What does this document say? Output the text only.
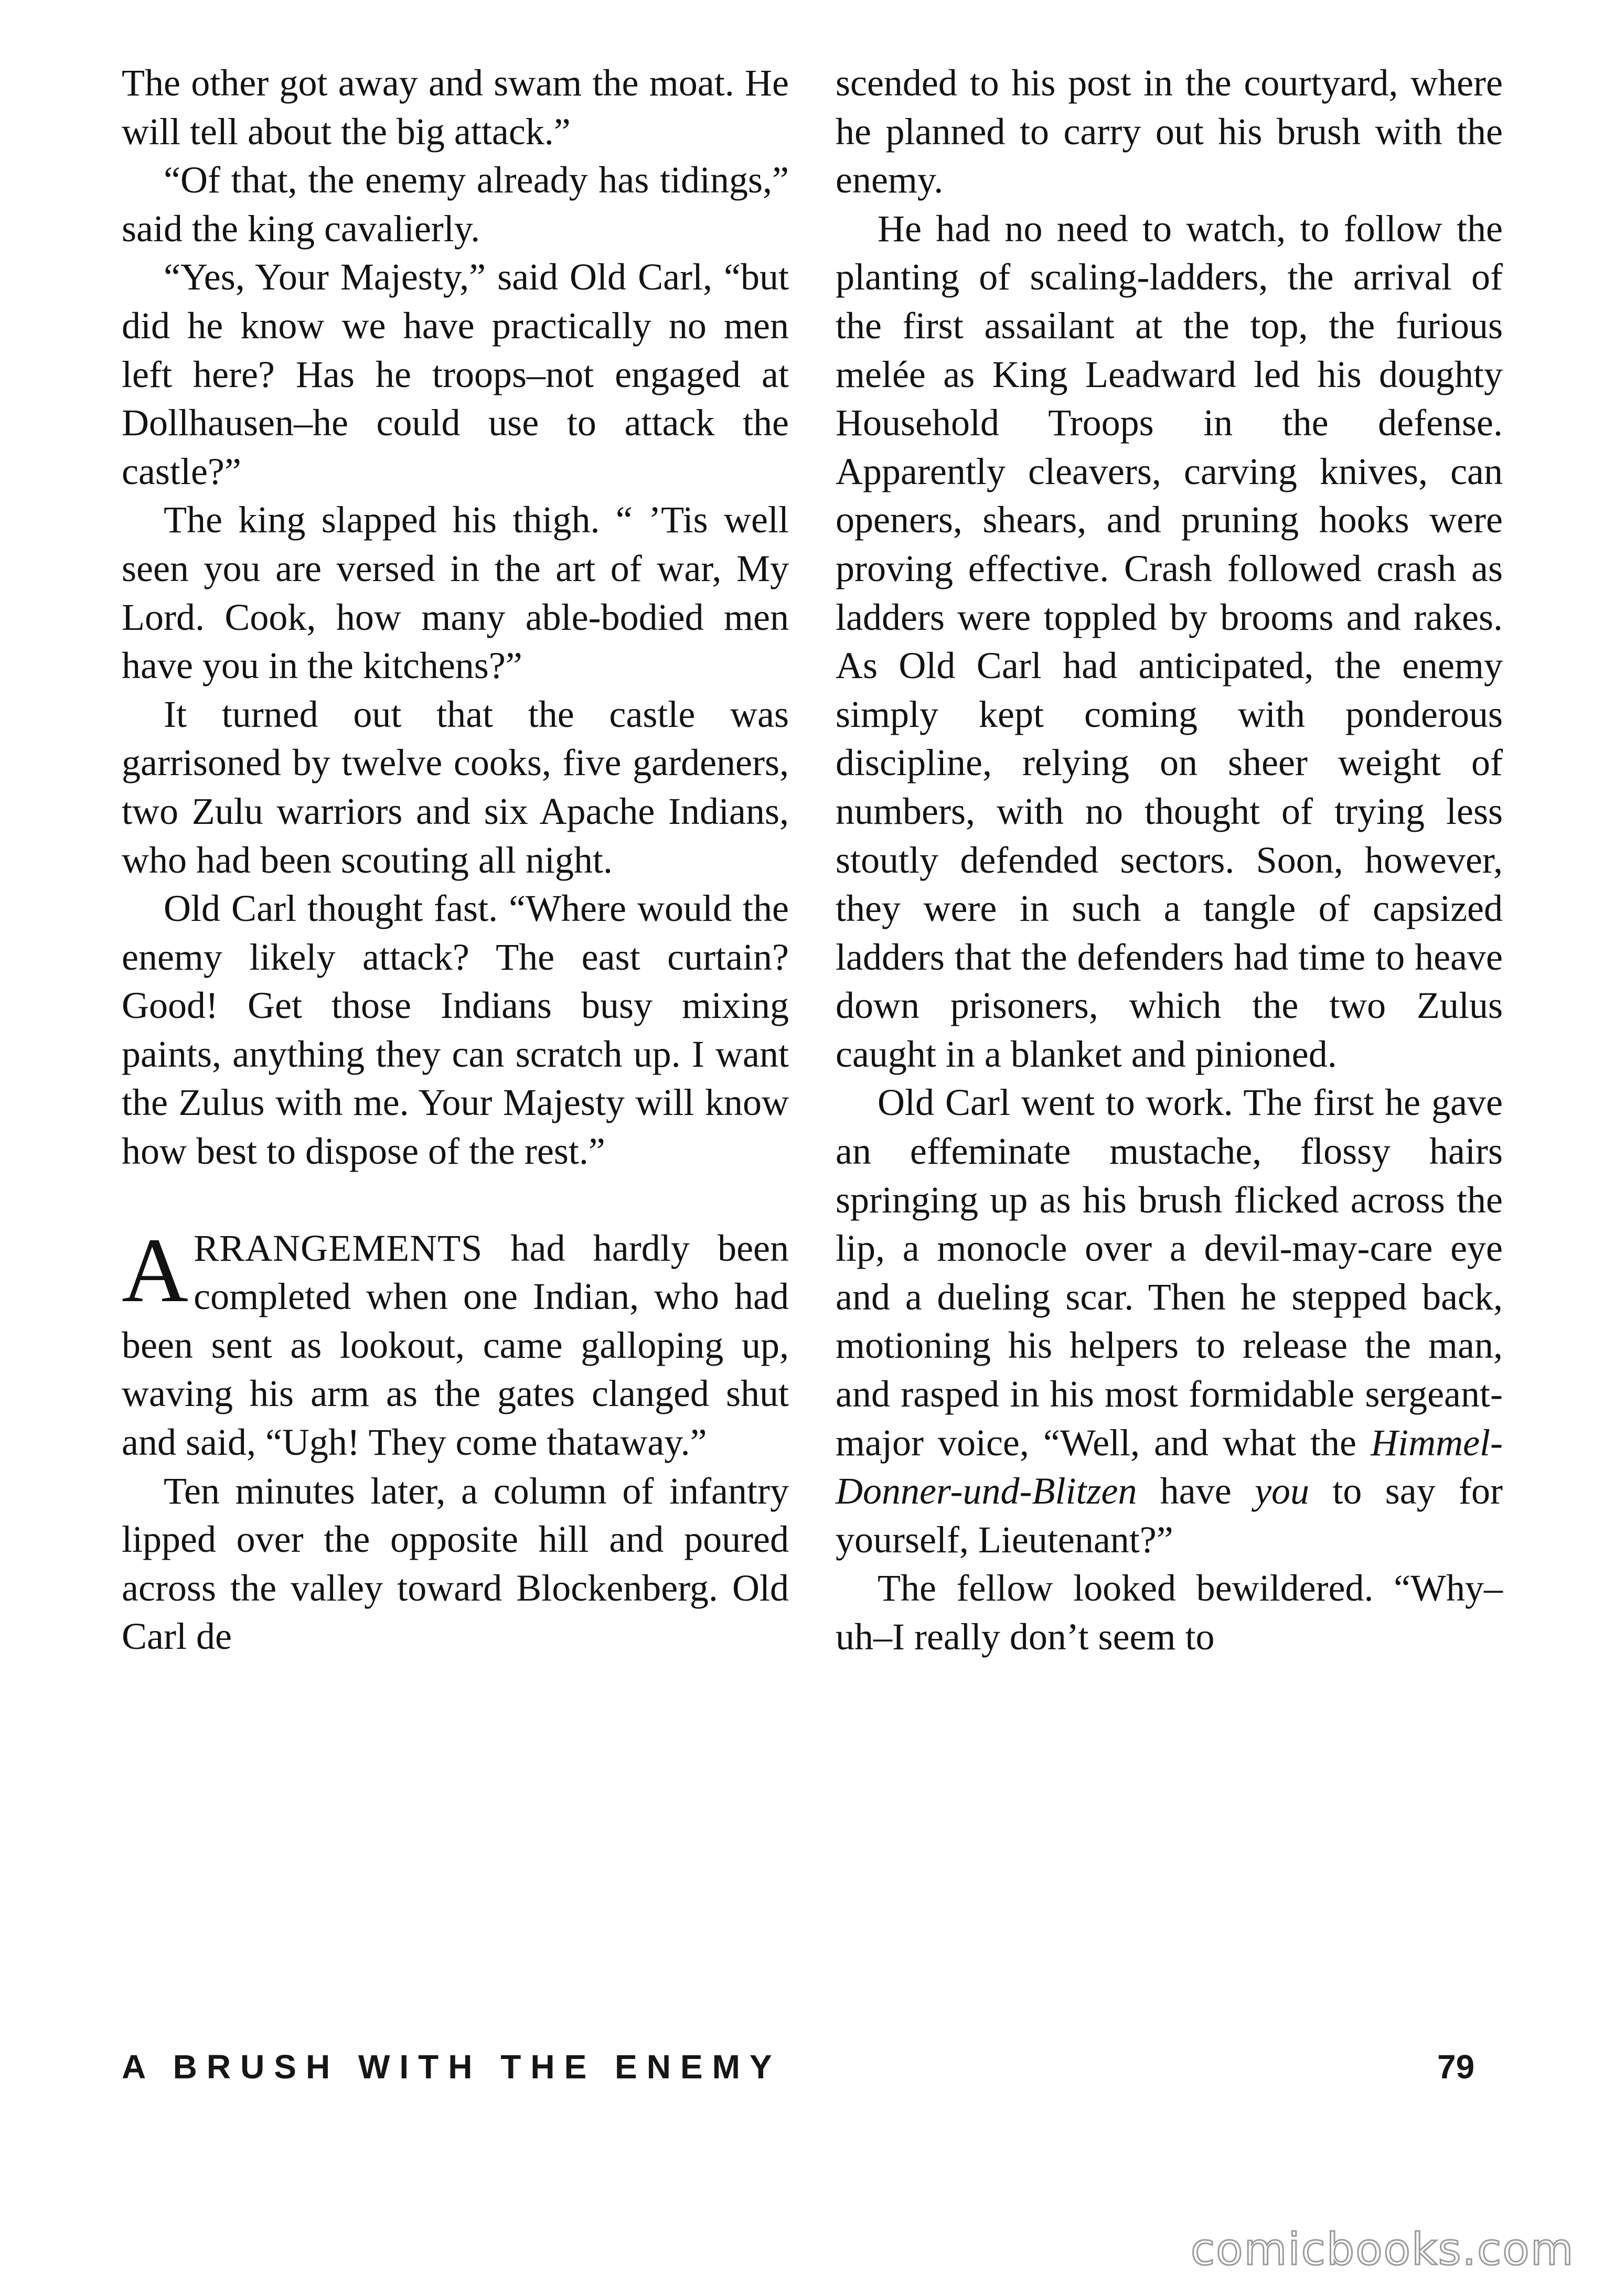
The other got away and swam the moat. He will tell about the big attack.”

“Of that, the enemy already has tidings,” said the king cavalierly.

“Yes, Your Majesty,” said Old Carl, “but did he know we have practically no men left here? Has he troops–not engaged at Dollhausen–he could use to attack the castle?”

The king slapped his thigh. “ ’Tis well seen you are versed in the art of war, My Lord. Cook, how many able-bodied men have you in the kitchens?”

It turned out that the castle was garrisoned by twelve cooks, five gardeners, two Zulu warriors and six Apache Indians, who had been scouting all night.

Old Carl thought fast. “Where would the enemy likely attack? The east curtain? Good! Get those Indians busy mixing paints, anything they can scratch up. I want the Zulus with me. Your Majesty will know how best to dispose of the rest.”

ARRANGEMENTS had hardly been completed when one Indian, who had been sent as lookout, came galloping up, waving his arm as the gates clanged shut and said, “Ugh! They come thataway.”

Ten minutes later, a column of infantry lipped over the opposite hill and poured across the valley toward Blockenberg. Old Carl de

scended to his post in the courtyard, where he planned to carry out his brush with the enemy.

He had no need to watch, to follow the planting of scaling-ladders, the arrival of the first assailant at the top, the furious melée as King Leadward led his doughty Household Troops in the defense. Apparently cleavers, carving knives, can openers, shears, and pruning hooks were proving effective. Crash followed crash as ladders were toppled by brooms and rakes. As Old Carl had anticipated, the enemy simply kept coming with ponderous discipline, relying on sheer weight of numbers, with no thought of trying less stoutly defended sectors. Soon, however, they were in such a tangle of capsized ladders that the defenders had time to heave down prisoners, which the two Zulus caught in a blanket and pinioned.

Old Carl went to work. The first he gave an effeminate mustache, flossy hairs springing up as his brush flicked across the lip, a monocle over a devil-may-care eye and a dueling scar. Then he stepped back, motioning his helpers to release the man, and rasped in his most formidable sergeant-major voice, “Well, and what the Himmel-Donner-und-Blitzen have you to say for yourself, Lieutenant?”

The fellow looked bewildered. “Why–uh–I really don’t seem to

A BRUSH WITH THE ENEMY	79
comicbooks.com
